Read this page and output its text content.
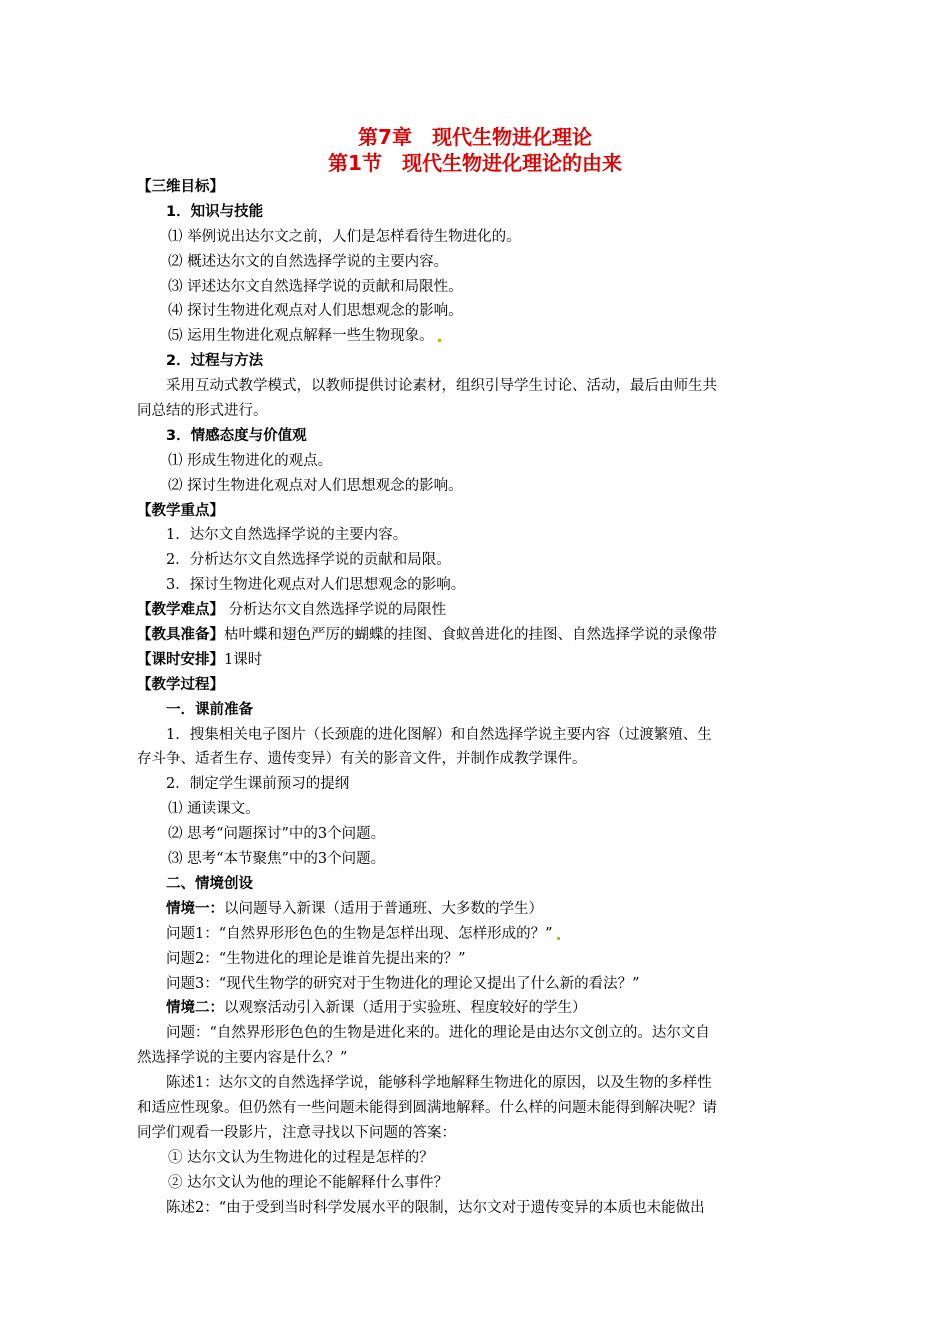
第7章　现代生物进化理论
第1节　现代生物进化理论的由来
【三维目标】
1．知识与技能
⑴ 举例说出达尔文之前，人们是怎样看待生物进化的。
⑵ 概述达尔文的自然选择学说的主要内容。
⑶ 评述达尔文自然选择学说的贡献和局限性。
⑷ 探讨生物进化观点对人们思想观念的影响。
⑸ 运用生物进化观点解释一些生物现象。
2．过程与方法
采用互动式教学模式，以教师提供讨论素材，组织引导学生讨论、活动，最后由师生共
同总结的形式进行。
3．情感态度与价值观
⑴ 形成生物进化的观点。
⑵ 探讨生物进化观点对人们思想观念的影响。
【教学重点】
1．达尔文自然选择学说的主要内容。
2．分析达尔文自然选择学说的贡献和局限。
3．探讨生物进化观点对人们思想观念的影响。
【教学难点】 分析达尔文自然选择学说的局限性
【教具准备】枯叶蝶和翅色严厉的蝴蝶的挂图、食蚁兽进化的挂图、自然选择学说的录像带
【课时安排】1课时
【教学过程】
一．课前准备
1．搜集相关电子图片（长颈鹿的进化图解）和自然选择学说主要内容（过渡繁殖、生
存斗争、适者生存、遗传变异）有关的影音文件，并制作成教学课件。
2．制定学生课前预习的提纲
⑴ 通读课文。
⑵ 思考“问题探讨”中的3个问题。
⑶ 思考“本节聚焦”中的3个问题。
二、情境创设
情境一：以问题导入新课（适用于普通班、大多数的学生）
问题1：“自然界形形色色的生物是怎样出现、怎样形成的？”
问题2：“生物进化的理论是谁首先提出来的？”
问题3：“现代生物学的研究对于生物进化的理论又提出了什么新的看法？”
情境二：以观察活动引入新课（适用于实验班、程度较好的学生）
问题：“自然界形形色色的生物是进化来的。进化的理论是由达尔文创立的。达尔文自
然选择学说的主要内容是什么？”
陈述1：达尔文的自然选择学说，能够科学地解释生物进化的原因，以及生物的多样性
和适应性现象。但仍然有一些问题未能得到圆满地解释。什么样的问题未能得到解决呢？请
同学们观看一段影片，注意寻找以下问题的答案：
① 达尔文认为生物进化的过程是怎样的？
② 达尔文认为他的理论不能解释什么事件？
陈述2：“由于受到当时科学发展水平的限制，达尔文对于遗传变异的本质也未能做出
